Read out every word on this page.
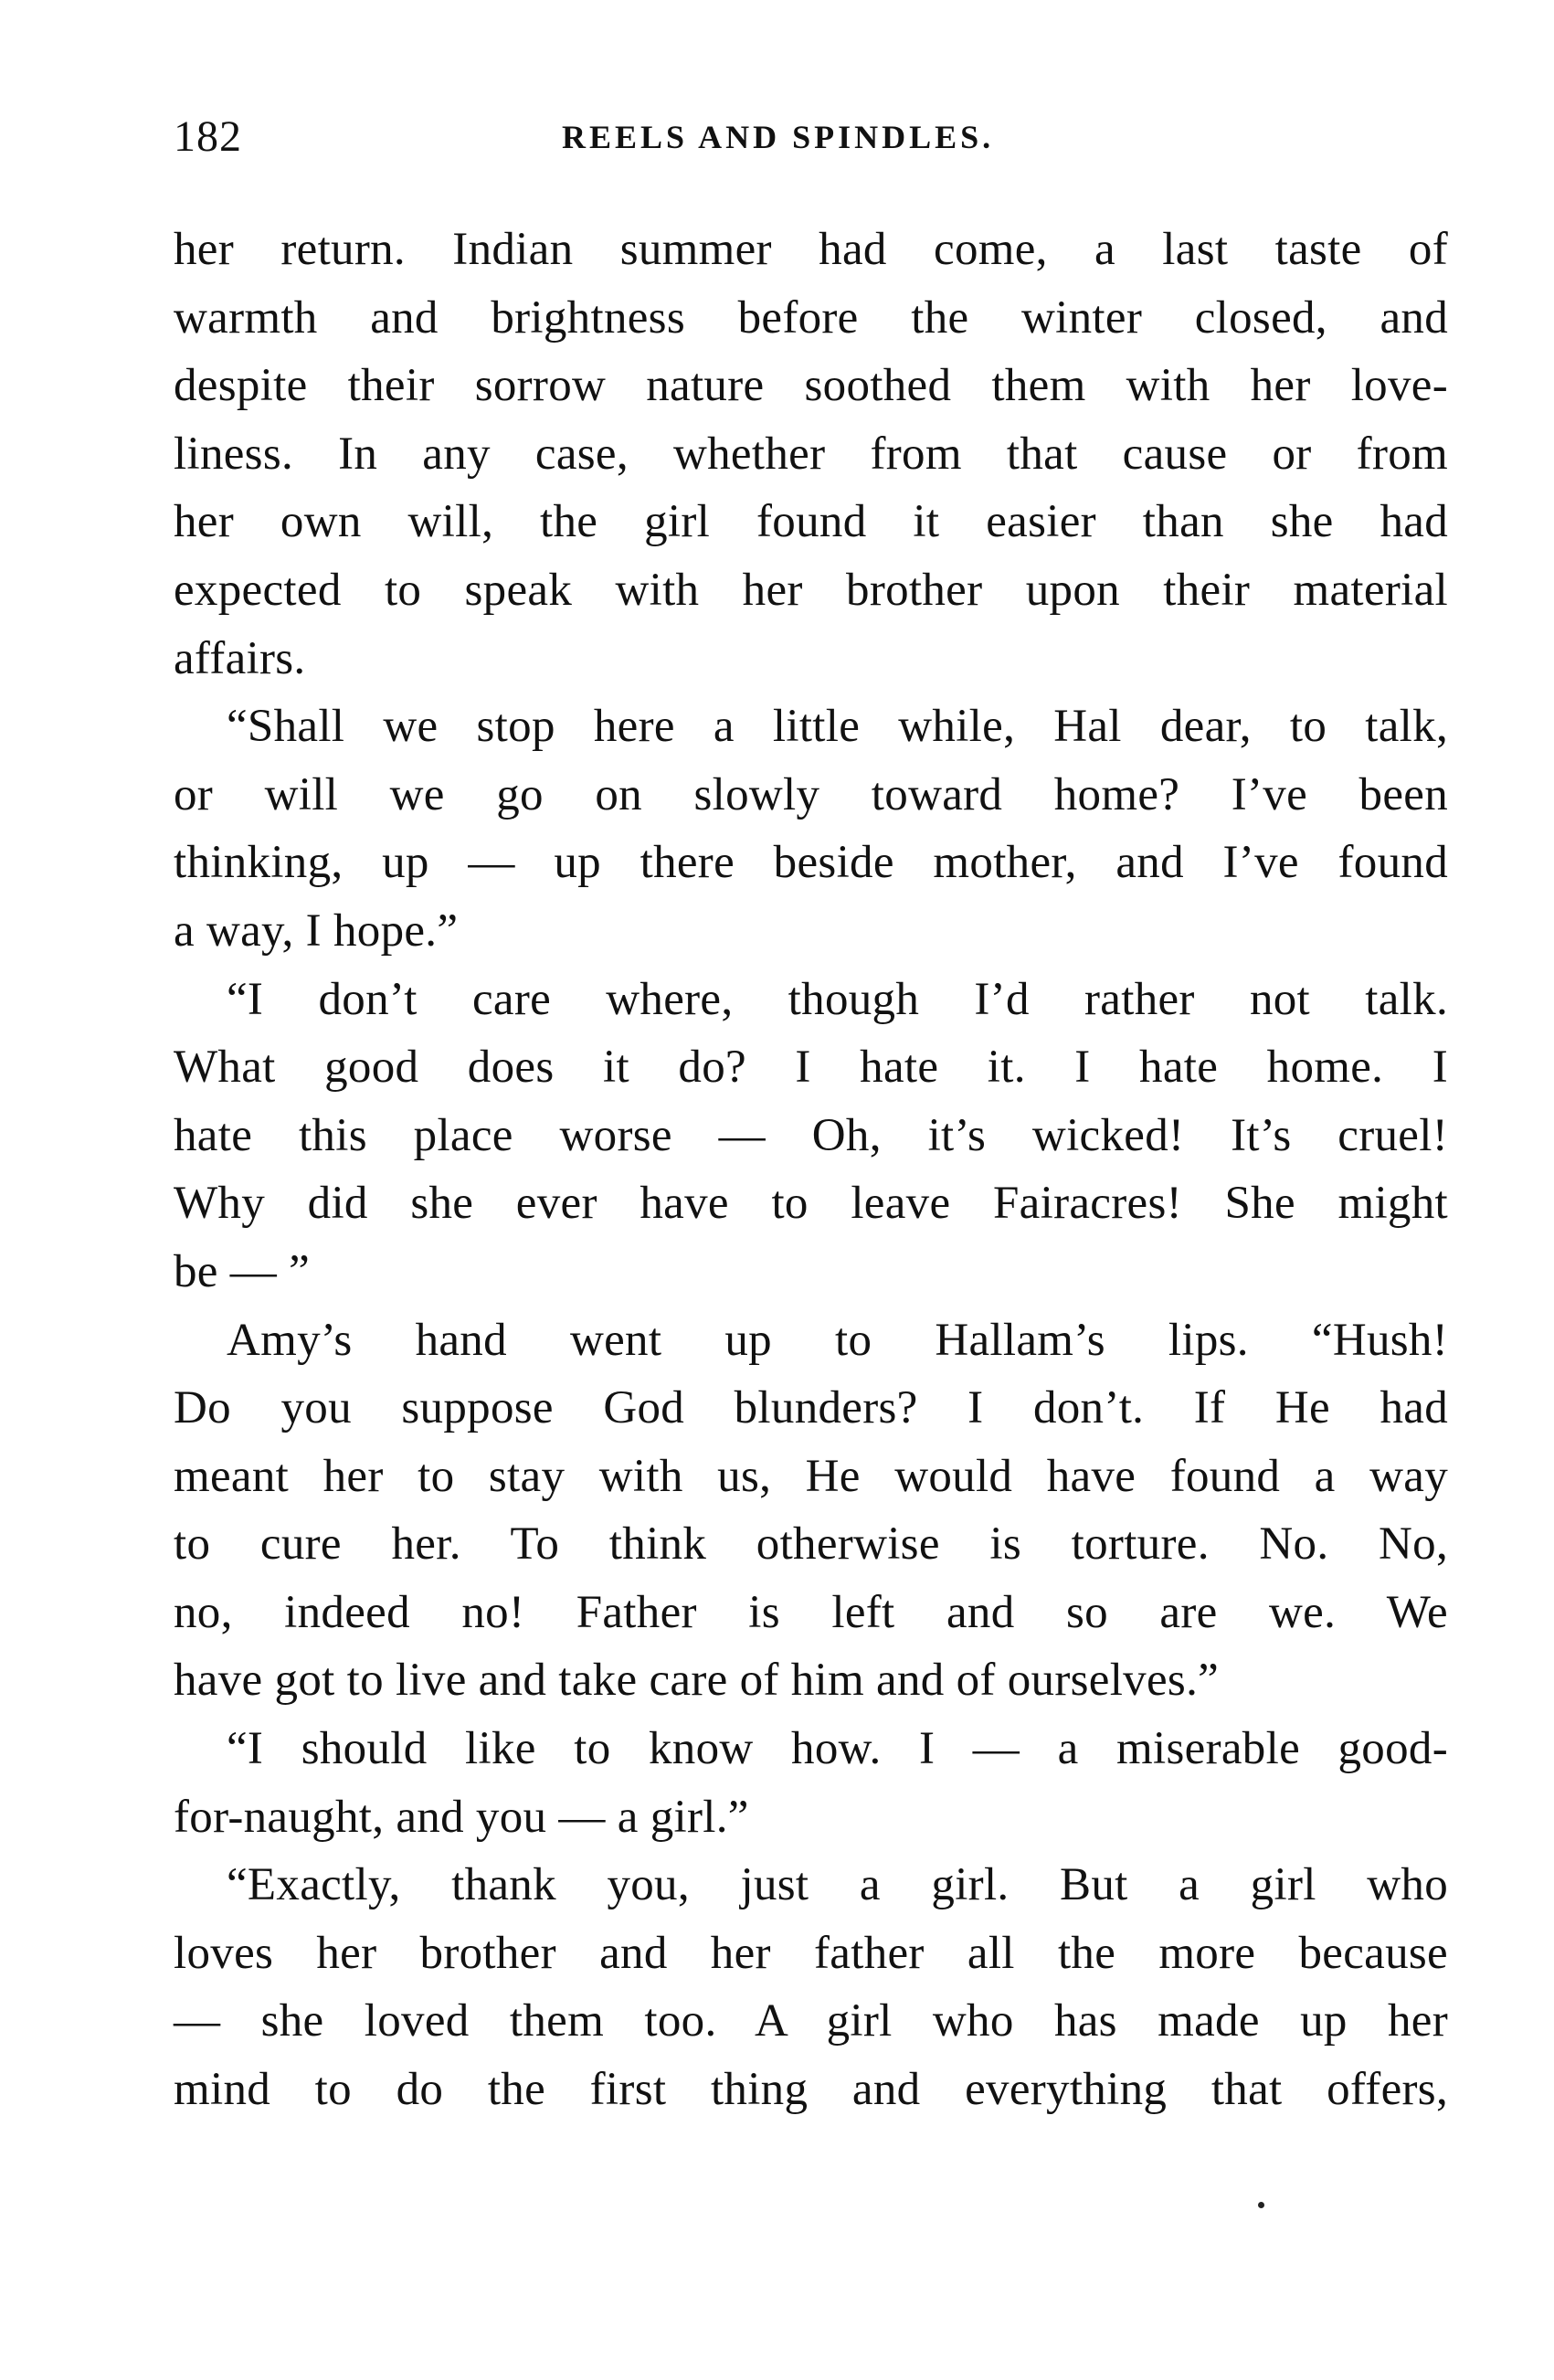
182	REELS AND SPINDLES.
her return. Indian summer had come, a last taste of
warmth and brightness before the winter closed, and
despite their sorrow nature soothed them with her love-
liness. In any case, whether from that cause or from
her own will, the girl found it easier than she had
expected to speak with her brother upon their material
affairs.
“Shall we stop here a little while, Hal dear, to talk,
or will we go on slowly toward home? I’ve been
thinking, up — up there beside mother, and I’ve found
a way, I hope.”
“I don’t care where, though I’d rather not talk.
What good does it do? I hate it. I hate home. I
hate this place worse — Oh, it’s wicked! It’s cruel!
Why did she ever have to leave Fairacres! She might
be — ”
Amy’s hand went up to Hallam’s lips. “Hush!
Do you suppose God blunders? I don’t. If He had
meant her to stay with us, He would have found a way
to cure her. To think otherwise is torture. No. No,
no, indeed no! Father is left and so are we. We
have got to live and take care of him and of ourselves.”
“I should like to know how. I — a miserable good-
for-naught, and you — a girl.”
“Exactly, thank you, just a girl. But a girl who
loves her brother and her father all the more because
— she loved them too. A girl who has made up her
mind to do the first thing and everything that offers,
